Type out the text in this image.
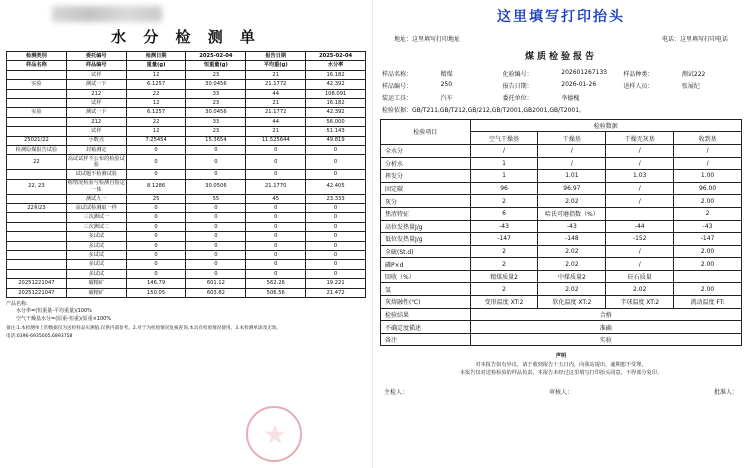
水 分 检 测 单
检测类别	委托编号	检测日期	2025-02-04	报告日期	2025-02-04
样品名称	样品编号	重量(g)	恒重量(g)	平均重(g)	水分率
	试样	12	23	21	16.182
实验	测试一下	6.1257	30.0456	21.1772	42.392
	212	22	33	44	108.091
	试样	12	23	21	16.182
实验	测试一下	6.1257	30.0456	21.1772	42.392
	212	22	33	44	56.000
	试样	12	23	21	51.143
25021/22	小数点	7.25454	15.3654	11.525644	49.819
检测原煤报告试验	封箱测定	0	0	0	0
22	高试试样不公布的检验试验	0	0	0	0
	试试题不检测试验	0	0	0	0
22, 23	称情况检验与检测自指定一体	8.1286	30.0506	21.1770	42.405
	测试九一	25	55	45	23.333
22和23	高试试检测取一样	0	0	0	0
	三次测试一	0	0	0	0
	三次测试二	0	0	0	0
	多试试	0	0	0	0
	多试试	0	0	0	0
	多试试	0	0	0	0
	多试试	0	0	0	0
	多试试	0	0	0	0
20251221047	碳精矿	146.79	601.12	562.26	19.221
20251221047	碳精矿	150.05	603.82	506.56	21.472
产品名称:
水分率=(恒重量-平均重量)/100%
空气干燥基水分=(原重-恒重)/原重×100%
备注:1.本检测单上的数据仅为送检样品实测值,仅供内部参考。2.对于为检验情况复核查询,本具有检验情况使用。3.本检测单涂改无效。
电话:0396-6935005,6893758
这里填写打印抬头
地址：这里填写打印地址	电话：这里填写打印电话
煤质检验报告
样品名称：	精煤	化验编号：	202601267133	样品种类：	测试222
样品编号：	250	报告日期：	2026-01-26	送样人员：	张展纪
装运工具：	汽车	委托单位：	李德槐		
检验依据：GB/T211,GB/T212,GB/212,GB/T2001,GB2001,GB/T2001。					
检验项目	检验数据			
	空气干燥基	干燥基	干燥无灰基	收到基
全水分	/	/	/	/
分析水	1	/	/	/
挥发分	1	1.01	1.03	1.00
固定碳	96	96.97	/	96.00
灰分	2	2.02	/	2.00
焦渣特征	6	哈氏可磨指数（%）		2
高位发热量J/g	-43	-43	-44	-43
低位发热量J/g	-147	-148	-152	-147
全硫(St.d)	2	2.02	/	2.00
磷P×d	2	2.02	/	2.00
回收（%）	精煤质量2	中煤质量2	矸石质量	
氢	2	2.02	2.02	2.00
灰熔融性(℃)	变形温度 XT:2	软化温度 XT:2	半球温度 XT:2	流动温度 FT:
检验结果	合格			
不确定度描述	准确			
备注	实验			
声明
对本报告如有异议，请于收到报告十五日内，向我站提出，逾期恕不受理。
本报告仅对送检检验的样品负责，本报告未经过这里填写打印抬头同意，不得部分复印。
主检人：	审核人：	批准人：
